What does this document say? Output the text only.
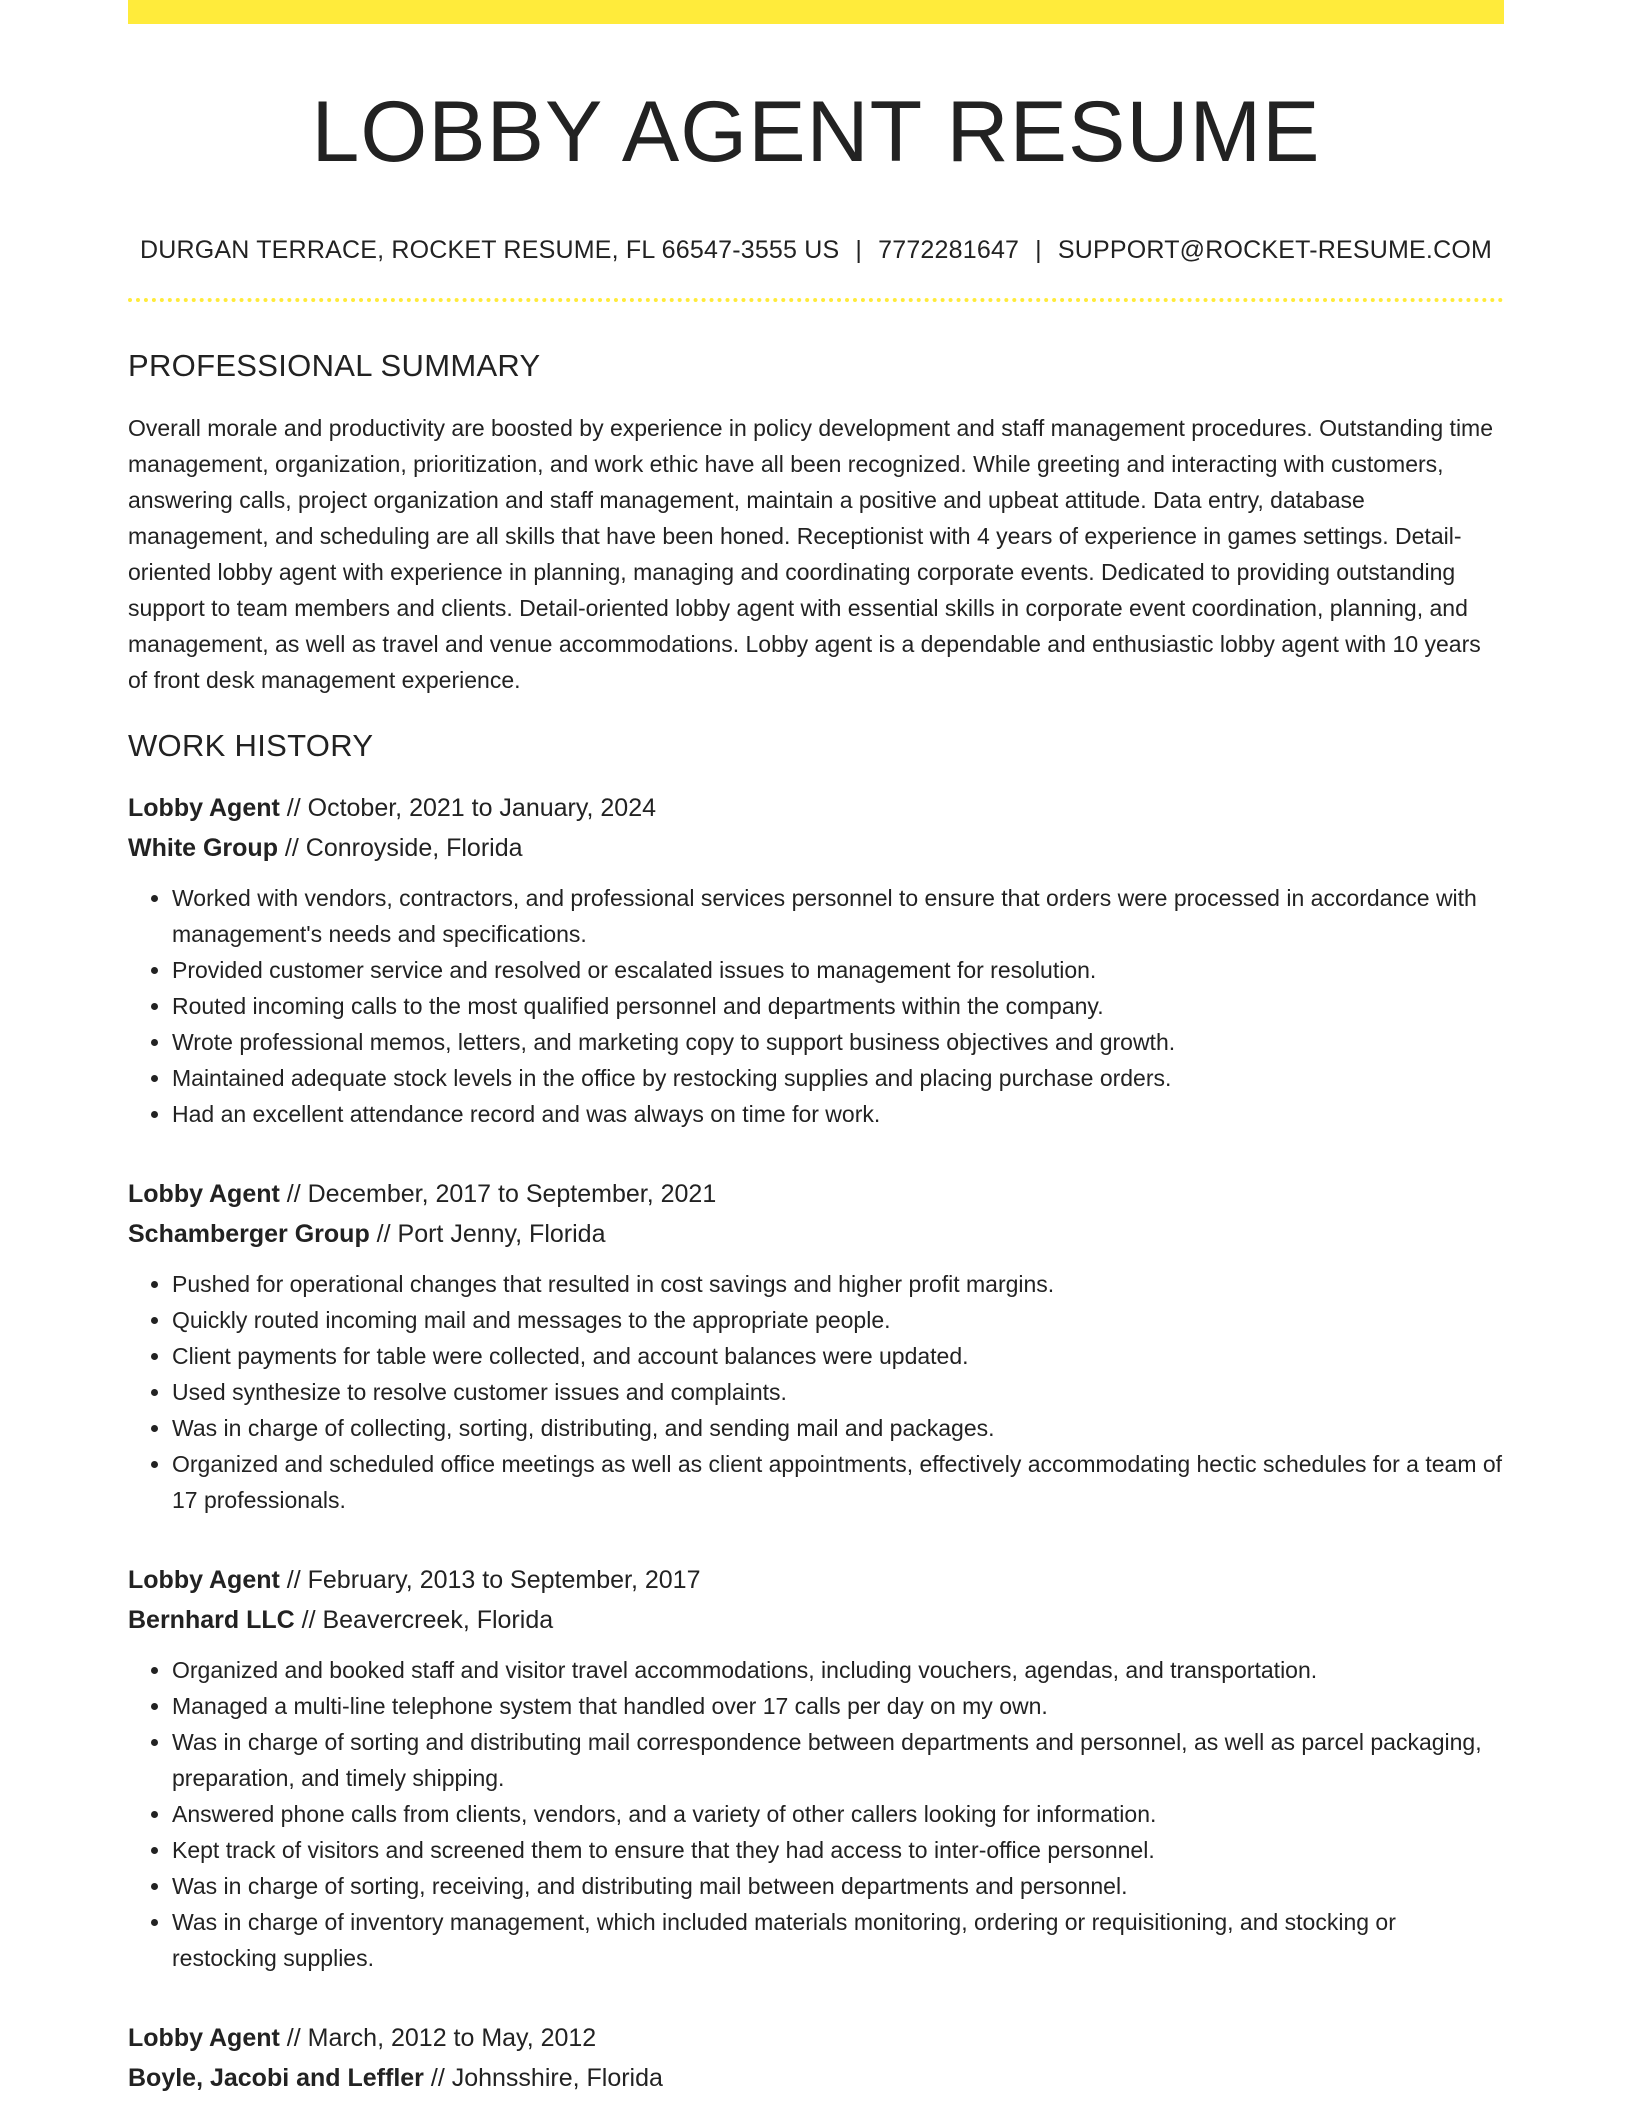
LOBBY AGENT RESUME
DURGAN TERRACE, ROCKET RESUME, FL 66547-3555 US | 7772281647 | SUPPORT@ROCKET-RESUME.COM
PROFESSIONAL SUMMARY

Overall morale and productivity are boosted by experience in policy development and staff management procedures. Outstanding time management, organization, prioritization, and work ethic have all been recognized. While greeting and interacting with customers, answering calls, project organization and staff management, maintain a positive and upbeat attitude. Data entry, database management, and scheduling are all skills that have been honed. Receptionist with 4 years of experience in games settings. Detail-oriented lobby agent with experience in planning, managing and coordinating corporate events. Dedicated to providing outstanding support to team members and clients. Detail-oriented lobby agent with essential skills in corporate event coordination, planning, and management, as well as travel and venue accommodations. Lobby agent is a dependable and enthusiastic lobby agent with 10 years of front desk management experience.

WORK HISTORY
Lobby Agent // October, 2021 to January, 2024
White Group // Conroyside, Florida
• Worked with vendors, contractors, and professional services personnel to ensure that orders were processed in accordance with management's needs and specifications.
• Provided customer service and resolved or escalated issues to management for resolution.
• Routed incoming calls to the most qualified personnel and departments within the company.
• Wrote professional memos, letters, and marketing copy to support business objectives and growth.
• Maintained adequate stock levels in the office by restocking supplies and placing purchase orders.
• Had an excellent attendance record and was always on time for work.
Lobby Agent // December, 2017 to September, 2021
Schamberger Group // Port Jenny, Florida
• Pushed for operational changes that resulted in cost savings and higher profit margins.
• Quickly routed incoming mail and messages to the appropriate people.
• Client payments for table were collected, and account balances were updated.
• Used synthesize to resolve customer issues and complaints.
• Was in charge of collecting, sorting, distributing, and sending mail and packages.
• Organized and scheduled office meetings as well as client appointments, effectively accommodating hectic schedules for a team of 17 professionals.
Lobby Agent // February, 2013 to September, 2017
Bernhard LLC // Beavercreek, Florida
• Organized and booked staff and visitor travel accommodations, including vouchers, agendas, and transportation.
• Managed a multi-line telephone system that handled over 17 calls per day on my own.
• Was in charge of sorting and distributing mail correspondence between departments and personnel, as well as parcel packaging, preparation, and timely shipping.
• Answered phone calls from clients, vendors, and a variety of other callers looking for information.
• Kept track of visitors and screened them to ensure that they had access to inter-office personnel.
• Was in charge of sorting, receiving, and distributing mail between departments and personnel.
• Was in charge of inventory management, which included materials monitoring, ordering or requisitioning, and stocking or restocking supplies.
Lobby Agent // March, 2012 to May, 2012
Boyle, Jacobi and Leffler // Johnsshire, Florida
